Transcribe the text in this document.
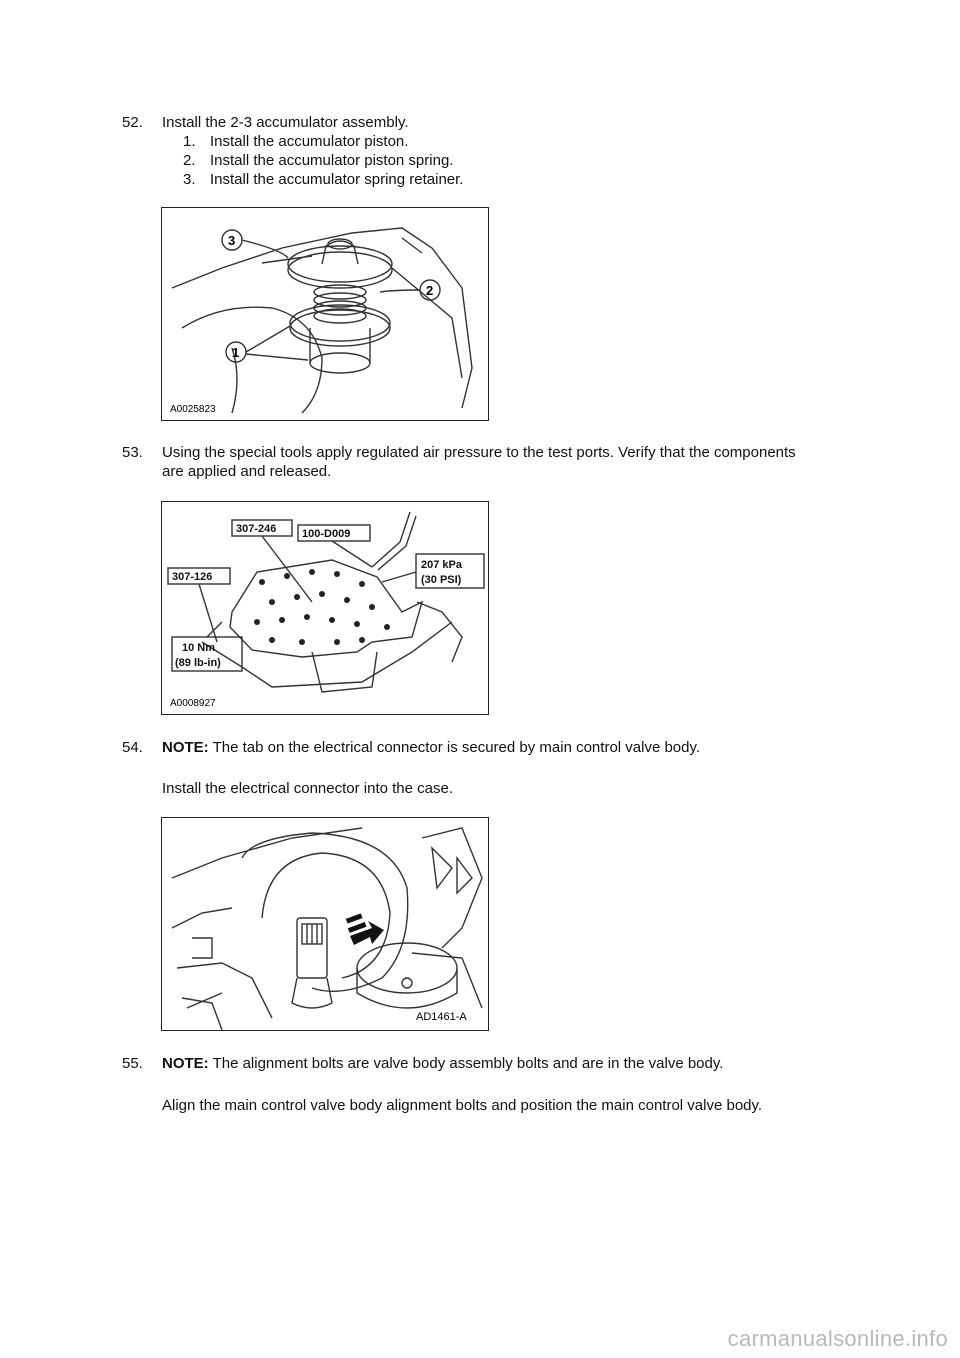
52. Install the 2-3 accumulator assembly.
1. Install the accumulator piston.
2. Install the accumulator piston spring.
3. Install the accumulator spring retainer.
3
2
1
A0025823
53. Using the special tools apply regulated air pressure to the test ports. Verify that the components
are applied and released.
307-246 100-D009
307-126
207 kPa
(30 PSI)
10 Nm
(89 lb-in)
A0008927
54. NOTE: The tab on the electrical connector is secured by main control valve body.
Install the electrical connector into the case.
AD1461-A
55. NOTE: The alignment bolts are valve body assembly bolts and are in the valve body.
Align the main control valve body alignment bolts and position the main control valve body.
carmanualsonline.info
